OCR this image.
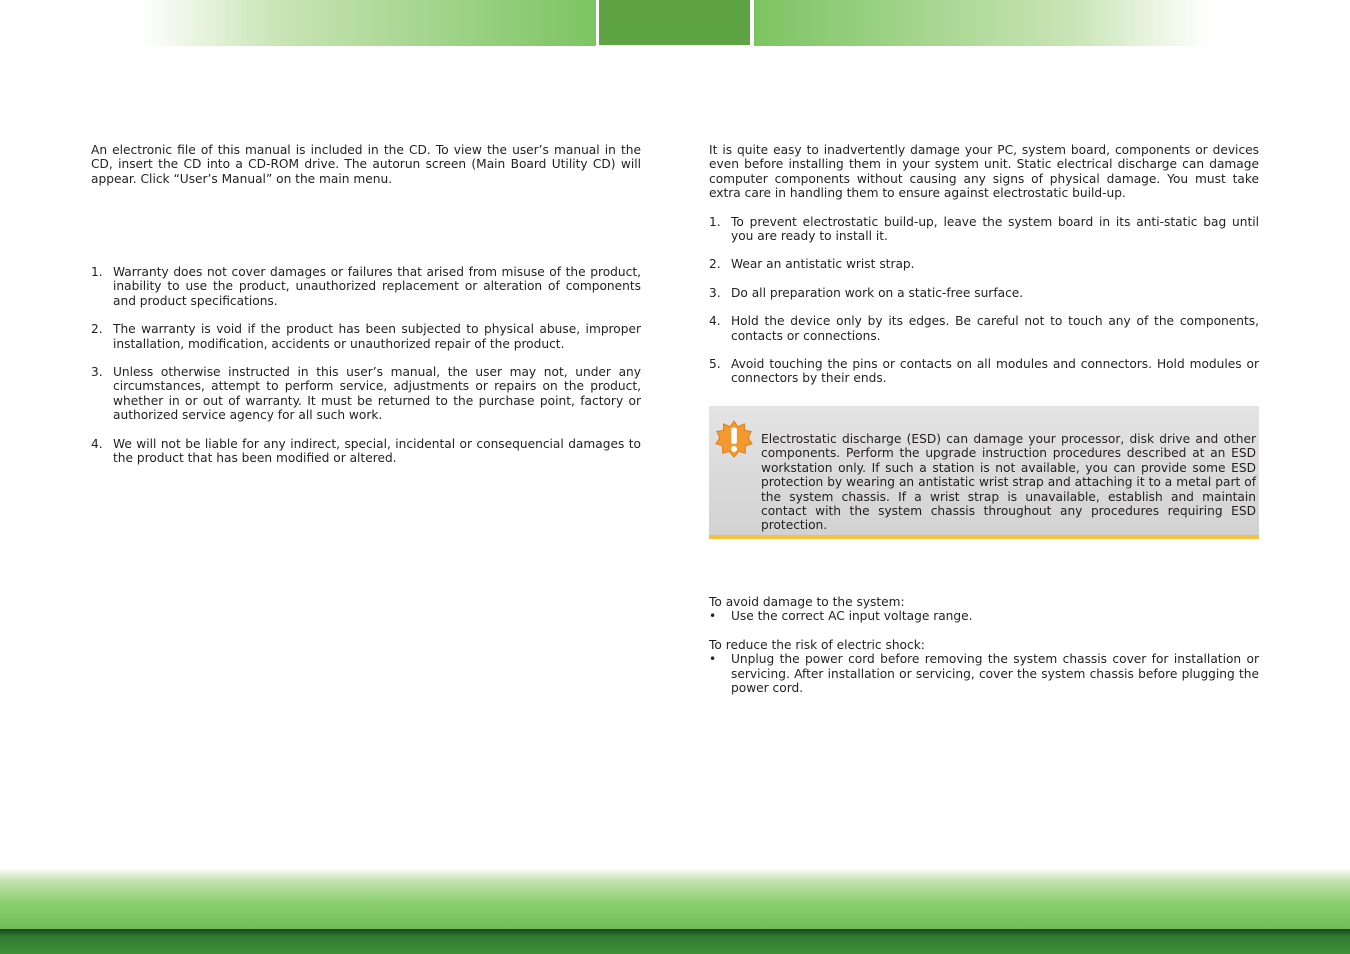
An electronic file of this manual is included in the CD. To view the user’s manual in the CD, insert the CD into a CD-ROM drive. The autorun screen (Main Board Utility CD) will appear. Click “User’s Manual” on the main menu.

1. Warranty does not cover damages or failures that arised from misuse of the product, inability to use the product, unauthorized replacement or alteration of components and product specifications.
2. The warranty is void if the product has been subjected to physical abuse, improper installation, modification, accidents or unauthorized repair of the product.
3. Unless otherwise instructed in this user’s manual, the user may not, under any circumstances, attempt to perform service, adjustments or repairs on the product, whether in or out of warranty. It must be returned to the purchase point, factory or authorized service agency for all such work.
4. We will not be liable for any indirect, special, incidental or consequencial damages to the product that has been modified or altered.

It is quite easy to inadvertently damage your PC, system board, components or devices even before installing them in your system unit. Static electrical discharge can damage computer components without causing any signs of physical damage. You must take extra care in handling them to ensure against electrostatic build-up.

1. To prevent electrostatic build-up, leave the system board in its anti-static bag until you are ready to install it.
2. Wear an antistatic wrist strap.
3. Do all preparation work on a static-free surface.
4. Hold the device only by its edges. Be careful not to touch any of the components, contacts or connections.
5. Avoid touching the pins or contacts on all modules and connectors. Hold modules or connectors by their ends.

Electrostatic discharge (ESD) can damage your processor, disk drive and other components. Perform the upgrade instruction procedures described at an ESD workstation only. If such a station is not available, you can provide some ESD protection by wearing an antistatic wrist strap and attaching it to a metal part of the system chassis. If a wrist strap is unavailable, establish and maintain contact with the system chassis throughout any procedures requiring ESD protection.

To avoid damage to the system:

• Use the correct AC input voltage range.

To reduce the risk of electric shock:

• Unplug the power cord before removing the system chassis cover for installation or servicing. After installation or servicing, cover the system chassis before plugging the power cord.
